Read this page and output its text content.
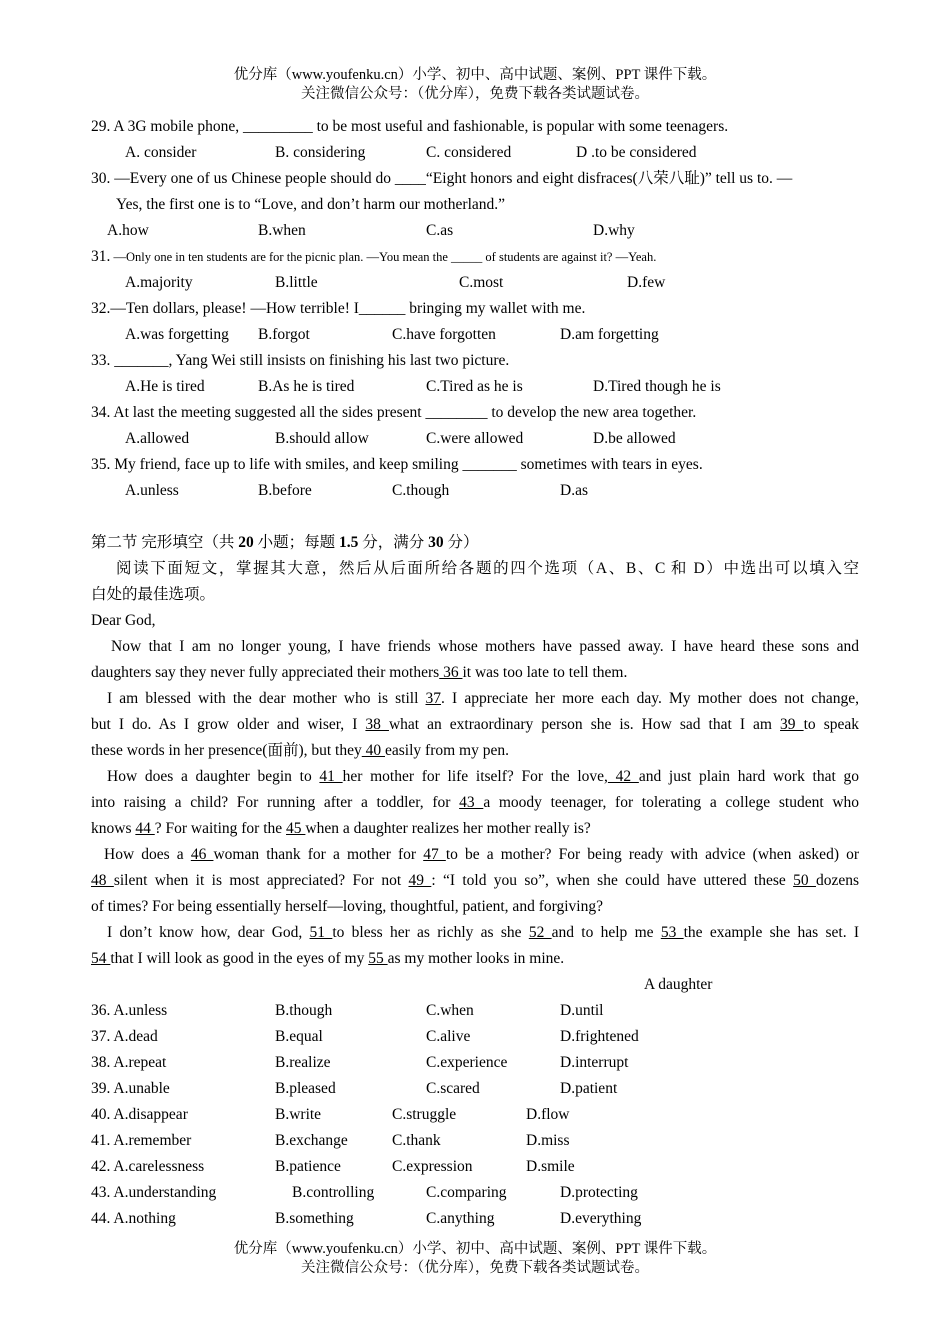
优分库（www.youfenku.cn）小学、初中、高中试题、案例、PPT 课件下载。
关注微信公众号：（优分库），免费下载各类试题试卷。
29. A 3G mobile phone, _________ to be most useful and fashionable, is popular with some teenagers.
A. consider	B. considering	C. considered	D .to be considered
30. —Every one of us Chinese people should do ____“Eight honors and eight disfraces(八荣八耻)” tell us to. —
Yes, the first one is to “Love, and don’t harm our motherland.”
A.how	B.when	C.as	D.why
31. —Only one in ten students are for the picnic plan. —You mean the _____ of students are against it? —Yeah.
A.majority	B.little	C.most	D.few
32.—Ten dollars, please! —How terrible! I______ bringing my wallet with me.
A.was forgetting B.forgot	C.have forgotten	D.am forgetting
33. _______, Yang Wei still insists on finishing his last two picture.
A.He is tired	B.As he is tired	C.Tired as he is	D.Tired though he is
34. At last the meeting suggested all the sides present ________ to develop the new area together.
A.allowed	B.should allow	C.were allowed	D.be allowed
35. My friend, face up to life with smiles, and keep smiling _______ sometimes with tears in eyes.
A.unless	B.before	C.though	D.as
第二节 完形填空（共 20 小题；每题 1.5 分，满分 30 分）
阅读下面短文，掌握其大意，然后从后面所给各题的四个选项（A、B、C 和 D）中选出可以填入空
白处的最佳选项。
Dear God,
Now that I am no longer young, I have friends whose mothers have passed away. I have heard these sons and
daughters say they never fully appreciated their mothers 36 it was too late to tell them.
I am blessed with the dear mother who is still 37. I appreciate her more each day. My mother does not change,
but I do. As I grow older and wiser, I 38 what an extraordinary person she is. How sad that I am 39 to speak
these words in her presence(面前), but they 40 easily from my pen.
How does a daughter begin to 41 her mother for life itself? For the love, 42 and just plain hard work that go
into raising a child? For running after a toddler, for 43 a moody teenager, for tolerating a college student who
knows 44 ? For waiting for the 45 when a daughter realizes her mother really is?
How does a 46 woman thank for a mother for 47 to be a mother? For being ready with advice (when asked) or
48 silent when it is most appreciated? For not 49 : “I told you so”, when she could have uttered these 50 dozens
of times? For being essentially herself—loving, thoughtful, patient, and forgiving?
I don’t know how, dear God, 51 to bless her as richly as she 52 and to help me 53 the example she has set. I
54 that I will look as good in the eyes of my 55 as my mother looks in mine.
A daughter
36. A.unless	B.though	C.when	D.until
37. A.dead	B.equal	C.alive	D.frightened
38. A.repeat	B.realize	C.experience	D.interrupt
39. A.unable	B.pleased	C.scared	D.patient
40. A.disappear	B.write	C.struggle	D.flow
41. A.remember	B.exchange	C.thank	D.miss
42. A.carelessness	B.patience	C.expression	D.smile
43. A.understanding	B.controlling	C.comparing	D.protecting
44. A.nothing	B.something	C.anything	D.everything
优分库（www.youfenku.cn）小学、初中、高中试题、案例、PPT 课件下载。
关注微信公众号：（优分库），免费下载各类试题试卷。
